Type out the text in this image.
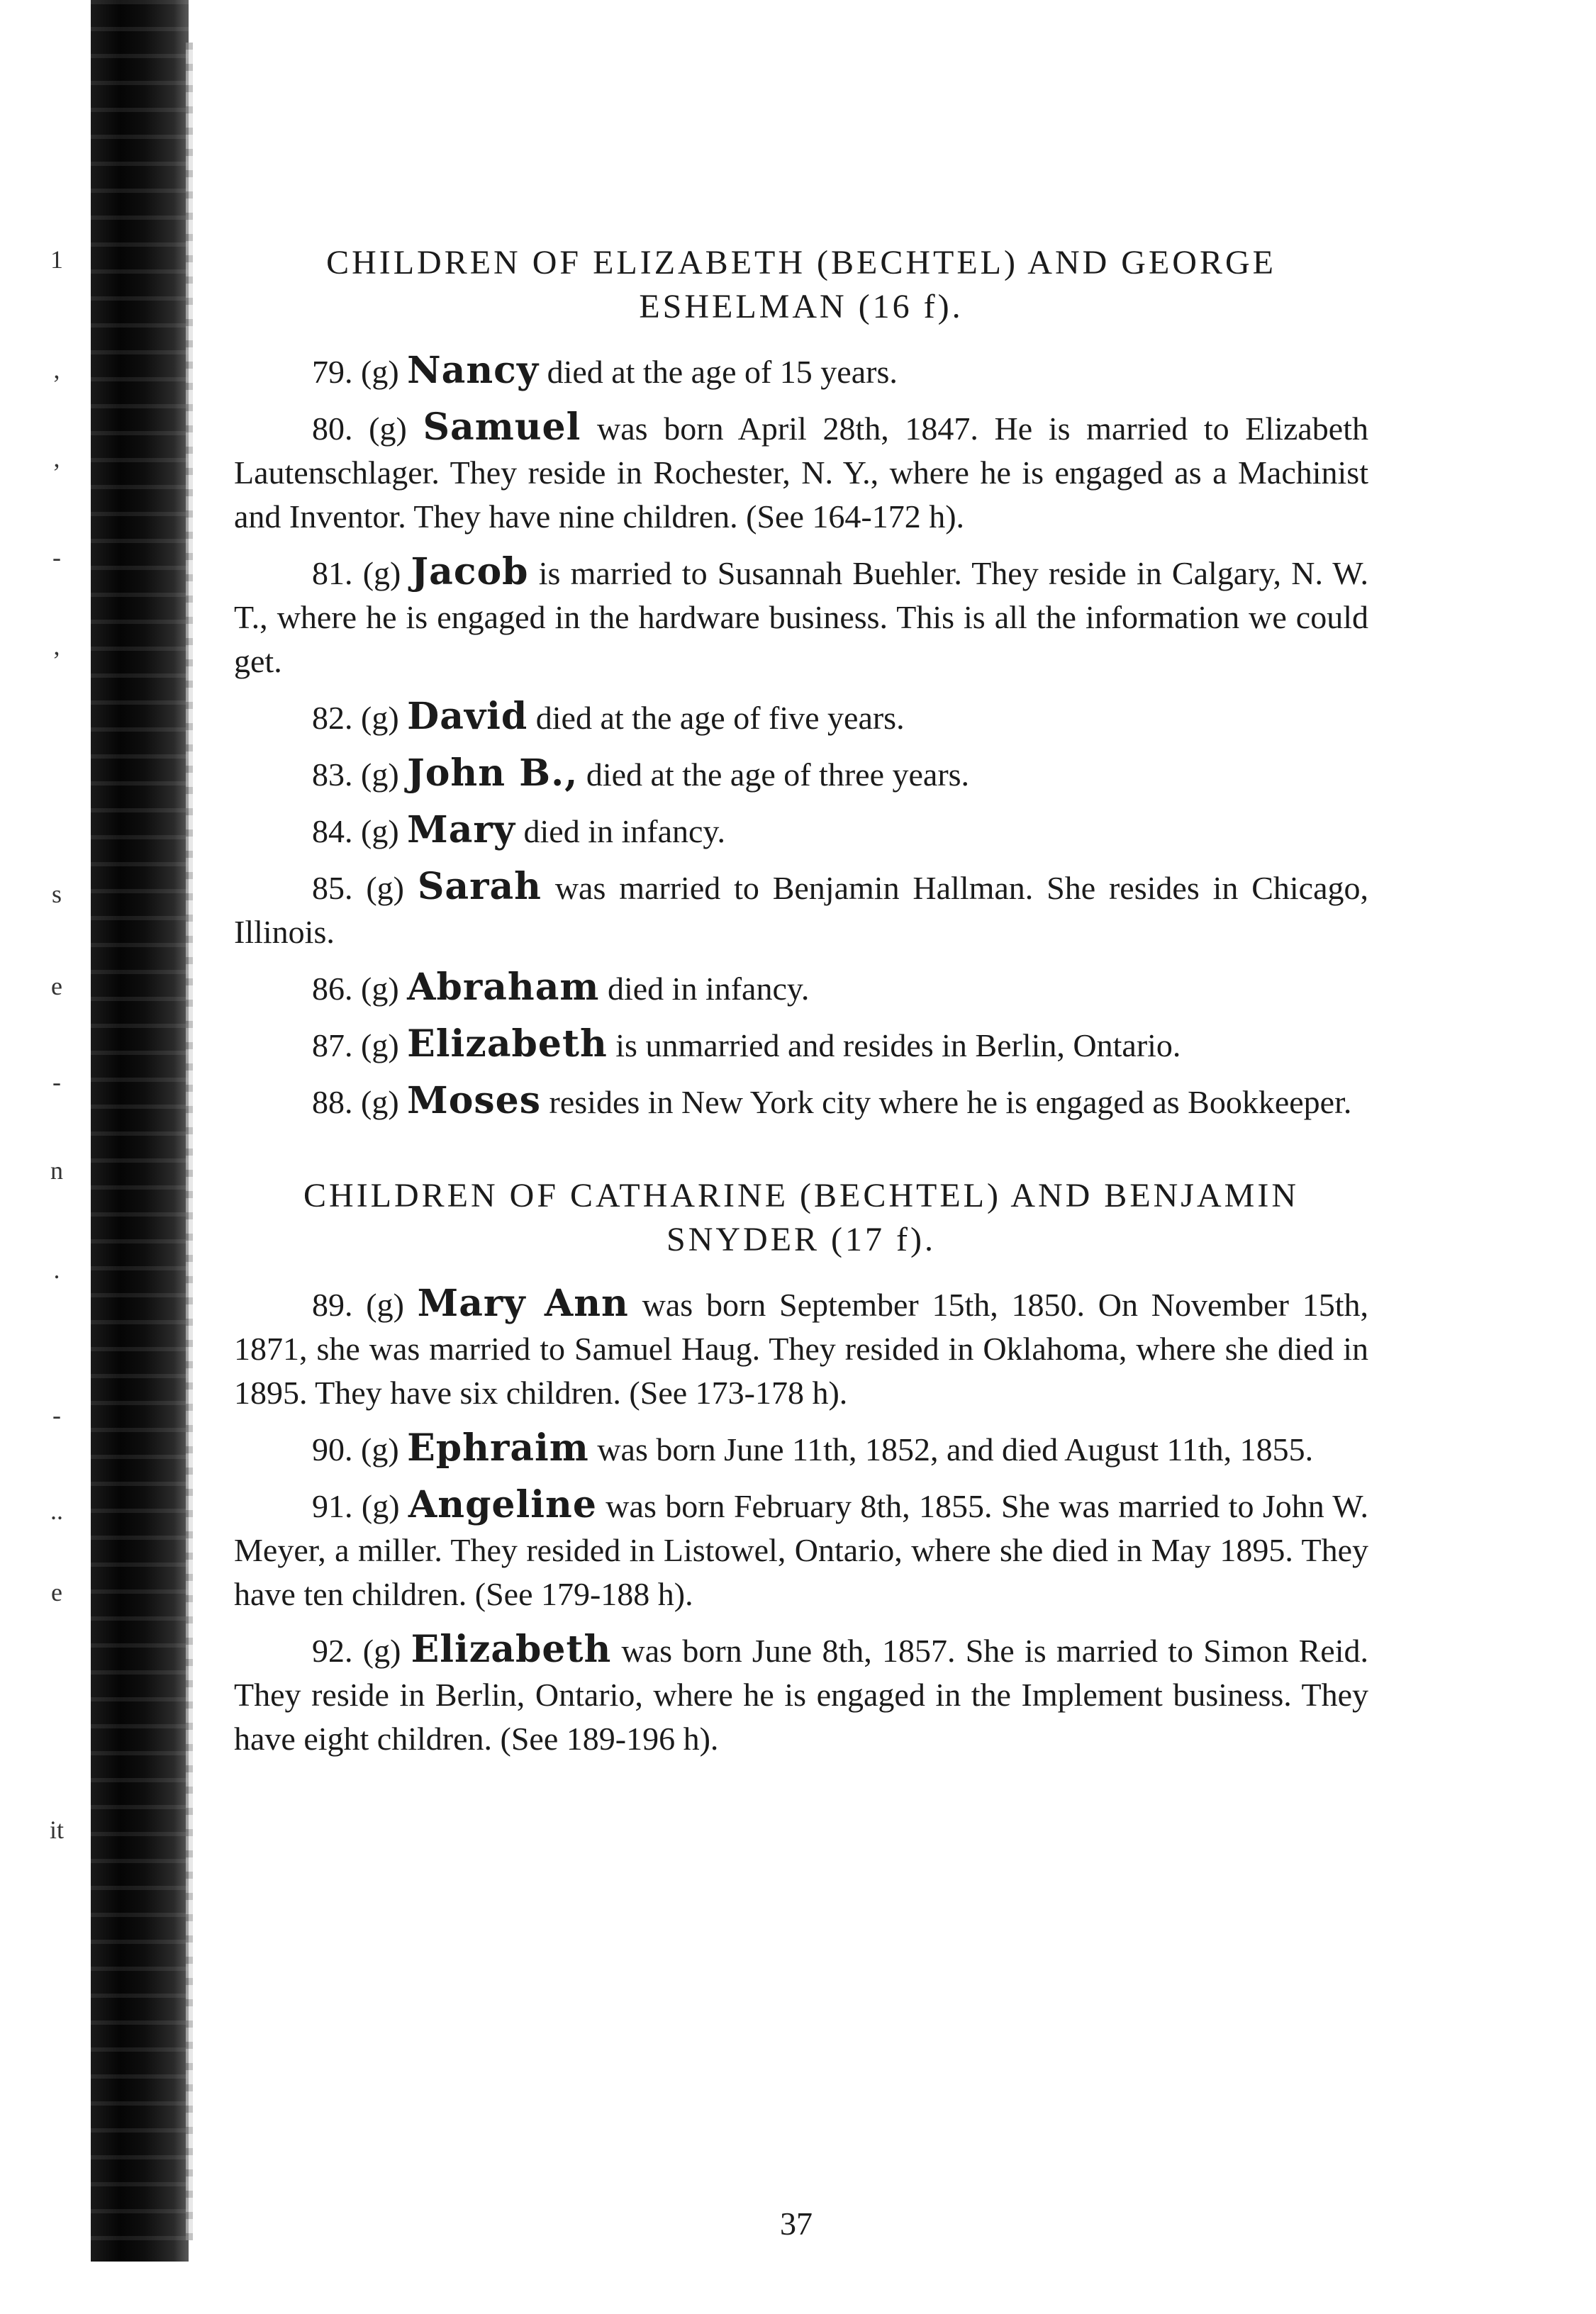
1
,
,
-
,
s
e
-
n
.
-
..
e
it
CHILDREN OF ELIZABETH (BECHTEL) AND GEORGE
ESHELMAN (16 f).

79. (g) Nancy died at the age of 15 years.

80. (g) Samuel was born April 28th, 1847. He is married to Elizabeth Lautenschlager. They reside in Rochester, N. Y., where he is engaged as a Machinist and Inventor. They have nine children. (See 164-172 h).

81. (g) Jacob is married to Susannah Buehler. They reside in Calgary, N. W. T., where he is engaged in the hardware business. This is all the information we could get.

82. (g) David died at the age of five years.

83. (g) John B., died at the age of three years.

84. (g) Mary died in infancy.

85. (g) Sarah was married to Benjamin Hallman. She resides in Chicago, Illinois.

86. (g) Abraham died in infancy.

87. (g) Elizabeth is unmarried and resides in Berlin, Ontario.

88. (g) Moses resides in New York city where he is engaged as Bookkeeper.

CHILDREN OF CATHARINE (BECHTEL) AND BENJAMIN
SNYDER (17 f).

89. (g) Mary Ann was born September 15th, 1850. On November 15th, 1871, she was married to Samuel Haug. They resided in Oklahoma, where she died in 1895. They have six children. (See 173-178 h).

90. (g) Ephraim was born June 11th, 1852, and died August 11th, 1855.

91. (g) Angeline was born February 8th, 1855. She was married to John W. Meyer, a miller. They resided in Listowel, Ontario, where she died in May 1895. They have ten children. (See 179-188 h).

92. (g) Elizabeth was born June 8th, 1857. She is married to Simon Reid. They reside in Berlin, Ontario, where he is engaged in the Implement business. They have eight children. (See 189-196 h).

37
